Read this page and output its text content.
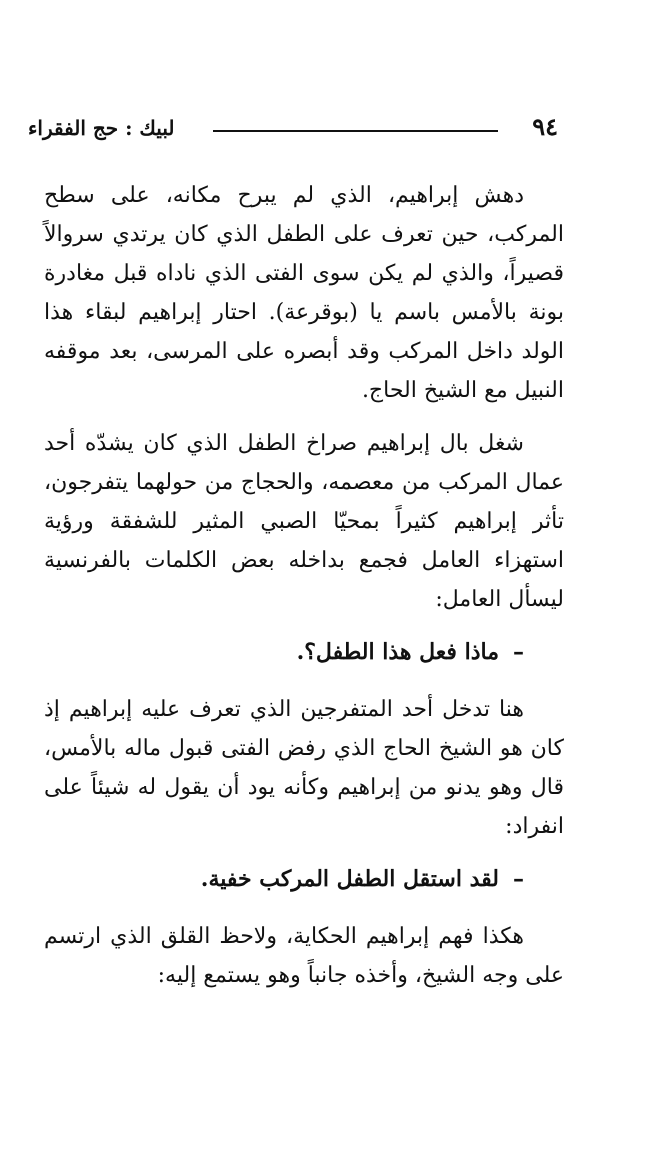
لبيك : حج الفقراء	٩٤

دهش إبراهيم، الذي لم يبرح مكانه، على سطح المركب، حين تعرف على الطفل الذي كان يرتدي سروالاً قصيراً، والذي لم يكن سوى الفتى الذي ناداه قبل مغادرة بونة بالأمس باسم يا (بوقرعة). احتار إبراهيم لبقاء هذا الولد داخل المركب وقد أبصره على المرسى، بعد موقفه النبيل مع الشيخ الحاج.

شغل بال إبراهيم صراخ الطفل الذي كان يشدّه أحد عمال المركب من معصمه، والحجاج من حولهما يتفرجون، تأثر إبراهيم كثيراً بمحيّا الصبي المثير للشفقة ورؤية استهزاء العامل فجمع بداخله بعض الكلمات بالفرنسية ليسأل العامل:

–ماذا فعل هذا الطفل؟.

هنا تدخل أحد المتفرجين الذي تعرف عليه إبراهيم إذ كان هو الشيخ الحاج الذي رفض الفتى قبول ماله بالأمس، قال وهو يدنو من إبراهيم وكأنه يود أن يقول له شيئاً على انفراد:

–لقد استقل الطفل المركب خفية.

هكذا فهم إبراهيم الحكاية، ولاحظ القلق الذي ارتسم على وجه الشيخ، وأخذه جانباً وهو يستمع إليه:
